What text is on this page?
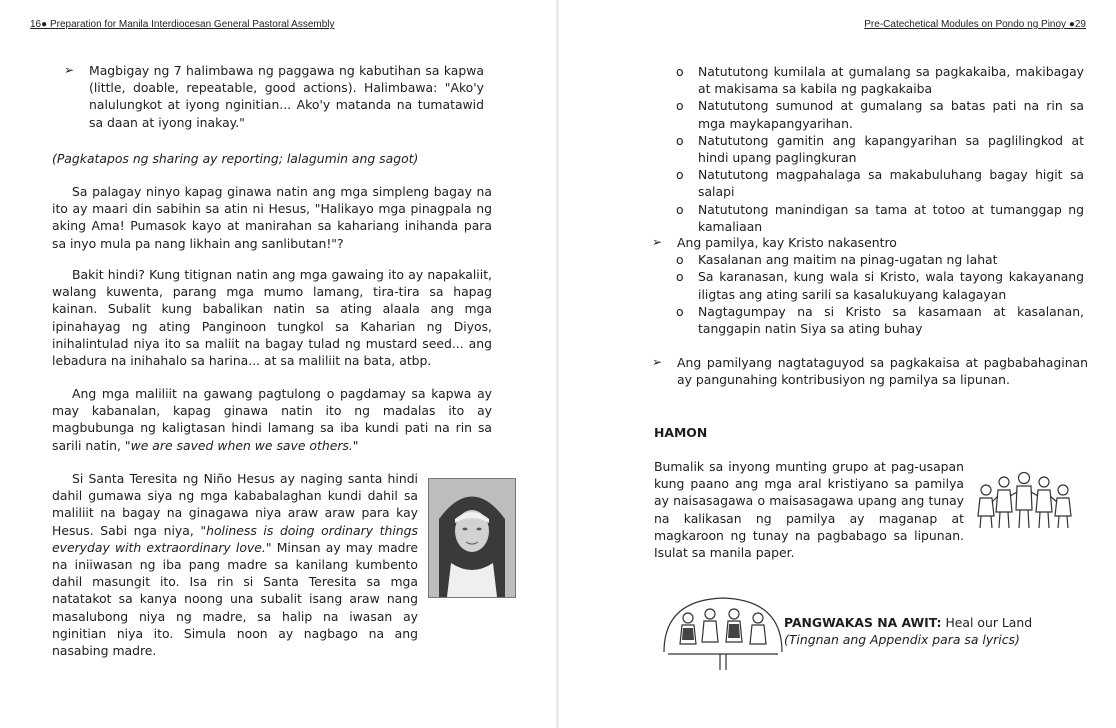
16● Preparation for Manila Interdiocesan General Pastoral Assembly
➢	Magbigay ng 7 halimbawa ng paggawa ng kabutihan sa kapwa (little, doable, repeatable, good actions). Halimbawa: "Ako'y nalulungkot at iyong nginitian... Ako'y matanda na tumatawid sa daan at iyong inakay."

(Pagkatapos ng sharing ay reporting; lalagumin ang sagot)

Sa palagay ninyo kapag ginawa natin ang mga simpleng bagay na ito ay maari din sabihin sa atin ni Hesus, "Halikayo mga pinagpala ng aking Ama! Pumasok kayo at manirahan sa kahariang inihanda para sa inyo mula pa nang likhain ang sanlibutan!"?

Bakit hindi? Kung titignan natin ang mga gawaing ito ay napakaliit, walang kuwenta, parang mga mumo lamang, tira-tira sa hapag kainan. Subalit kung babalikan natin sa ating alaala ang mga ipinahayag ng ating Panginoon tungkol sa Kaharian ng Diyos, inihalintulad niya ito sa maliit na bagay tulad ng mustard seed... ang lebadura na inihahalo sa harina... at sa maliliit na bata, atbp.

Ang mga maliliit na gawang pagtulong o pagdamay sa kapwa ay may kabanalan, kapag ginawa natin ito ng madalas ito ay magbubunga ng kaligtasan hindi lamang sa iba kundi pati na rin sa sarili natin, "we are saved when we save others."

Si Santa Teresita ng Niño Hesus ay naging santa hindi dahil gumawa siya ng mga kababalaghan kundi dahil sa maliliit na bagay na ginagawa niya araw araw para kay Hesus. Sabi nga niya, "holiness is doing ordinary things everyday with extraordinary love." Minsan ay may madre na iniiwasan ng iba pang madre sa kanilang kumbento dahil masungit ito. Isa rin si Santa Teresita sa mga natatakot sa kanya noong una subalit isang araw nang masalubong niya ng madre, sa halip na iwasan ay nginitian niya ito. Simula noon ay nagbago na ang nasabing madre.
Pre-Catechetical Modules on Pondo ng Pinoy ●29
o	Natututong kumilala at gumalang sa pagkakaiba, makibagay at makisama sa kabila ng pagkakaiba
o	Natututong sumunod at gumalang sa batas pati na rin sa mga maykapangyarihan.
o	Natututong gamitin ang kapangyarihan sa paglilingkod at hindi upang paglingkuran
o	Natututong magpahalaga sa makabuluhang bagay higit sa salapi
o	Natututong manindigan sa tama at totoo at tumanggap ng kamaliaan
➢	Ang pamilya, kay Kristo nakasentro

o	Kasalanan ang maitim na pinag-ugatan ng lahat
o	Sa karanasan, kung wala si Kristo, wala tayong kakayanang iligtas ang ating sarili sa kasalukuyang kalagayan
o	Nagtagumpay na si Kristo sa kasamaan at kasalanan, tanggapin natin Siya sa ating buhay
➢	Ang pamilyang nagtataguyod sa pagkakaisa at pagbabahaginan ay pangunahing kontribusiyon ng pamilya sa lipunan.

HAMON

Bumalik sa inyong munting grupo at pag-usapan kung paano ang mga aral kristiyano sa pamilya ay naisasagawa o maisasagawa upang ang tunay na kalikasan ng pamilya ay maganap at magkaroon ng tunay na pagbabago sa lipunan. Isulat sa manila paper.

PANGWAKAS NA AWIT: Heal our Land
(Tingnan ang Appendix para sa lyrics)
